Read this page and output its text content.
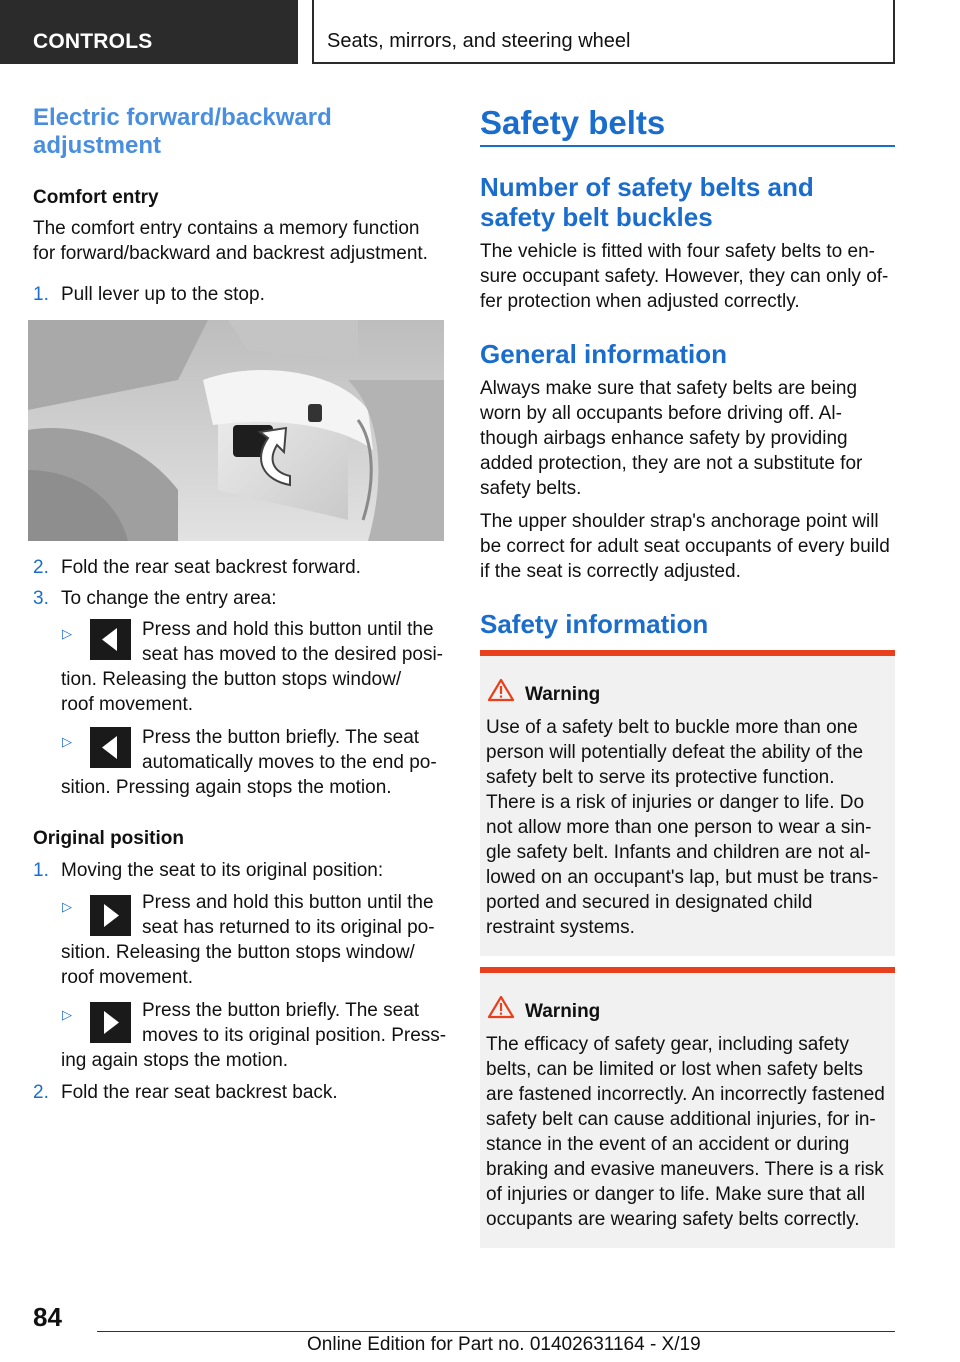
CONTROLS	Seats, mirrors, and steering wheel
Electric forward/backward
adjustment
Comfort entry

The comfort entry contains a memory function

for forward/backward and backrest adjustment.

1. Pull lever up to the stop.
2. Fold the rear seat backrest forward.
3. To change the entry area:
▷	Press and hold this button until the
seat has moved to the desired posi-
tion. Releasing the button stops window/
roof movement.
▷	Press the button briefly. The seat
automatically moves to the end po-
sition. Pressing again stops the motion.
Original position
1. Moving the seat to its original position:
▷	Press and hold this button until the
seat has returned to its original po-
sition. Releasing the button stops window/
roof movement.
▷	Press the button briefly. The seat
moves to its original position. Press-
ing again stops the motion.
2. Fold the rear seat backrest back.
Safety belts
Number of safety belts and
safety belt buckles

The vehicle is fitted with four safety belts to en-

sure occupant safety. However, they can only of-

fer protection when adjusted correctly.

General information

Always make sure that safety belts are being

worn by all occupants before driving off. Al-

though airbags enhance safety by providing

added protection, they are not a substitute for

safety belts.

The upper shoulder strap's anchorage point will

be correct for adult seat occupants of every build

if the seat is correctly adjusted.

Safety information
Warning
Use of a safety belt to buckle more than one
person will potentially defeat the ability of the
safety belt to serve its protective function.
There is a risk of injuries or danger to life. Do
not allow more than one person to wear a sin-
gle safety belt. Infants and children are not al-
lowed on an occupant's lap, but must be trans-
ported and secured in designated child
restraint systems.
Warning
The efficacy of safety gear, including safety
belts, can be limited or lost when safety belts
are fastened incorrectly. An incorrectly fastened
safety belt can cause additional injuries, for in-
stance in the event of an accident or during
braking and evasive maneuvers. There is a risk
of injuries or danger to life. Make sure that all
occupants are wearing safety belts correctly.
84
Online Edition for Part no. 01402631164 - X/19
